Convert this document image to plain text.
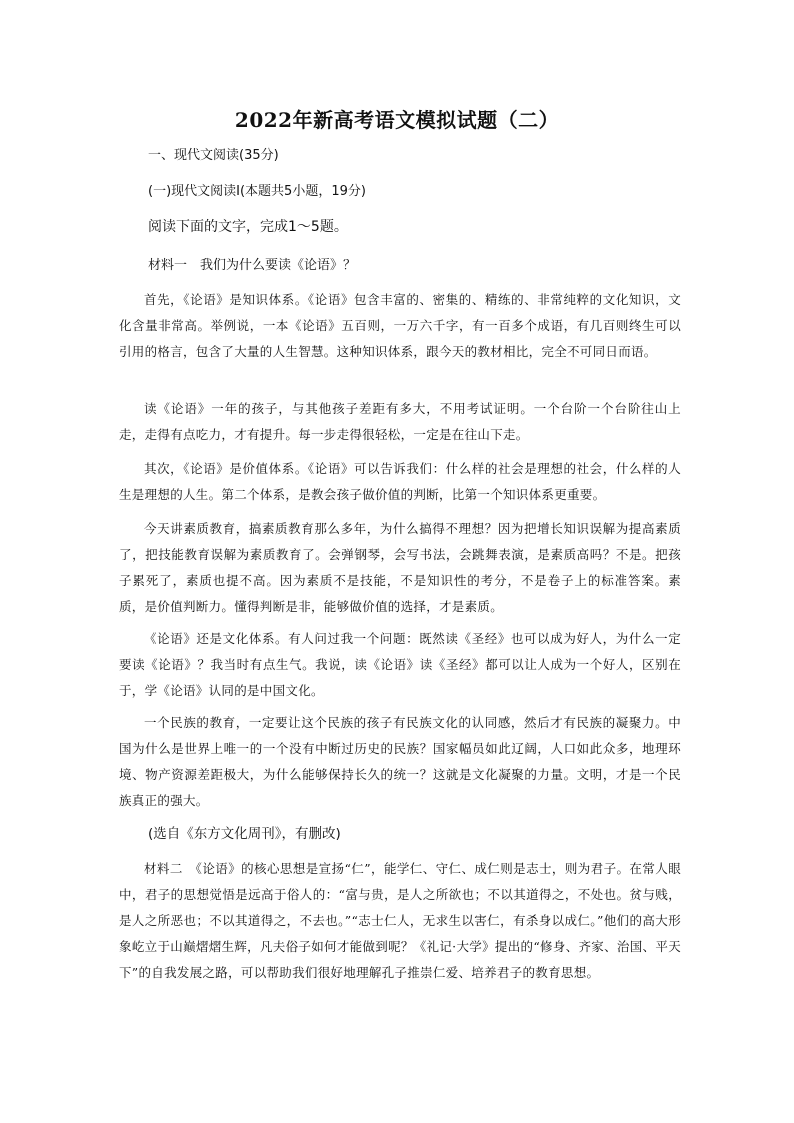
2022年新高考语文模拟试题（二）
一、现代文阅读(35分)
(一)现代文阅读Ⅰ(本题共5小题，19分)
阅读下面的文字，完成1～5题。
材料一　我们为什么要读《论语》？

首先，《论语》是知识体系。《论语》包含丰富的、密集的、精练的、非常纯粹的文化知识，文化含量非常高。举例说，一本《论语》五百则，一万六千字，有一百多个成语，有几百则终生可以引用的格言，包含了大量的人生智慧。这种知识体系，跟今天的教材相比，完全不可同日而语。

读《论语》一年的孩子，与其他孩子差距有多大，不用考试证明。一个台阶一个台阶往山上走，走得有点吃力，才有提升。每一步走得很轻松，一定是在往山下走。

其次，《论语》是价值体系。《论语》可以告诉我们：什么样的社会是理想的社会，什么样的人生是理想的人生。第二个体系，是教会孩子做价值的判断，比第一个知识体系更重要。

今天讲素质教育，搞素质教育那么多年，为什么搞得不理想？因为把增长知识误解为提高素质了，把技能教育误解为素质教育了。会弹钢琴，会写书法，会跳舞表演，是素质高吗？不是。把孩子累死了，素质也提不高。因为素质不是技能，不是知识性的考分，不是卷子上的标准答案。素质，是价值判断力。懂得判断是非，能够做价值的选择，才是素质。

《论语》还是文化体系。有人问过我一个问题：既然读《圣经》也可以成为好人，为什么一定要读《论语》？我当时有点生气。我说，读《论语》读《圣经》都可以让人成为一个好人，区别在于，学《论语》认同的是中国文化。

一个民族的教育，一定要让这个民族的孩子有民族文化的认同感，然后才有民族的凝聚力。中国为什么是世界上唯一的一个没有中断过历史的民族？国家幅员如此辽阔，人口如此众多，地理环境、物产资源差距极大，为什么能够保持长久的统一？这就是文化凝聚的力量。文明，才是一个民族真正的强大。

(选自《东方文化周刊》，有删改)

材料二　《论语》的核心思想是宣扬“仁”，能学仁、守仁、成仁则是志士，则为君子。在常人眼中，君子的思想觉悟是远高于俗人的：“富与贵，是人之所欲也；不以其道得之，不处也。贫与贱，是人之所恶也；不以其道得之，不去也。”“志士仁人，无求生以害仁，有杀身以成仁。”他们的高大形象屹立于山巅熠熠生辉，凡夫俗子如何才能做到呢？《礼记·大学》提出的“修身、齐家、治国、平天下”的自我发展之路，可以帮助我们很好地理解孔子推崇仁爱、培养君子的教育思想。
